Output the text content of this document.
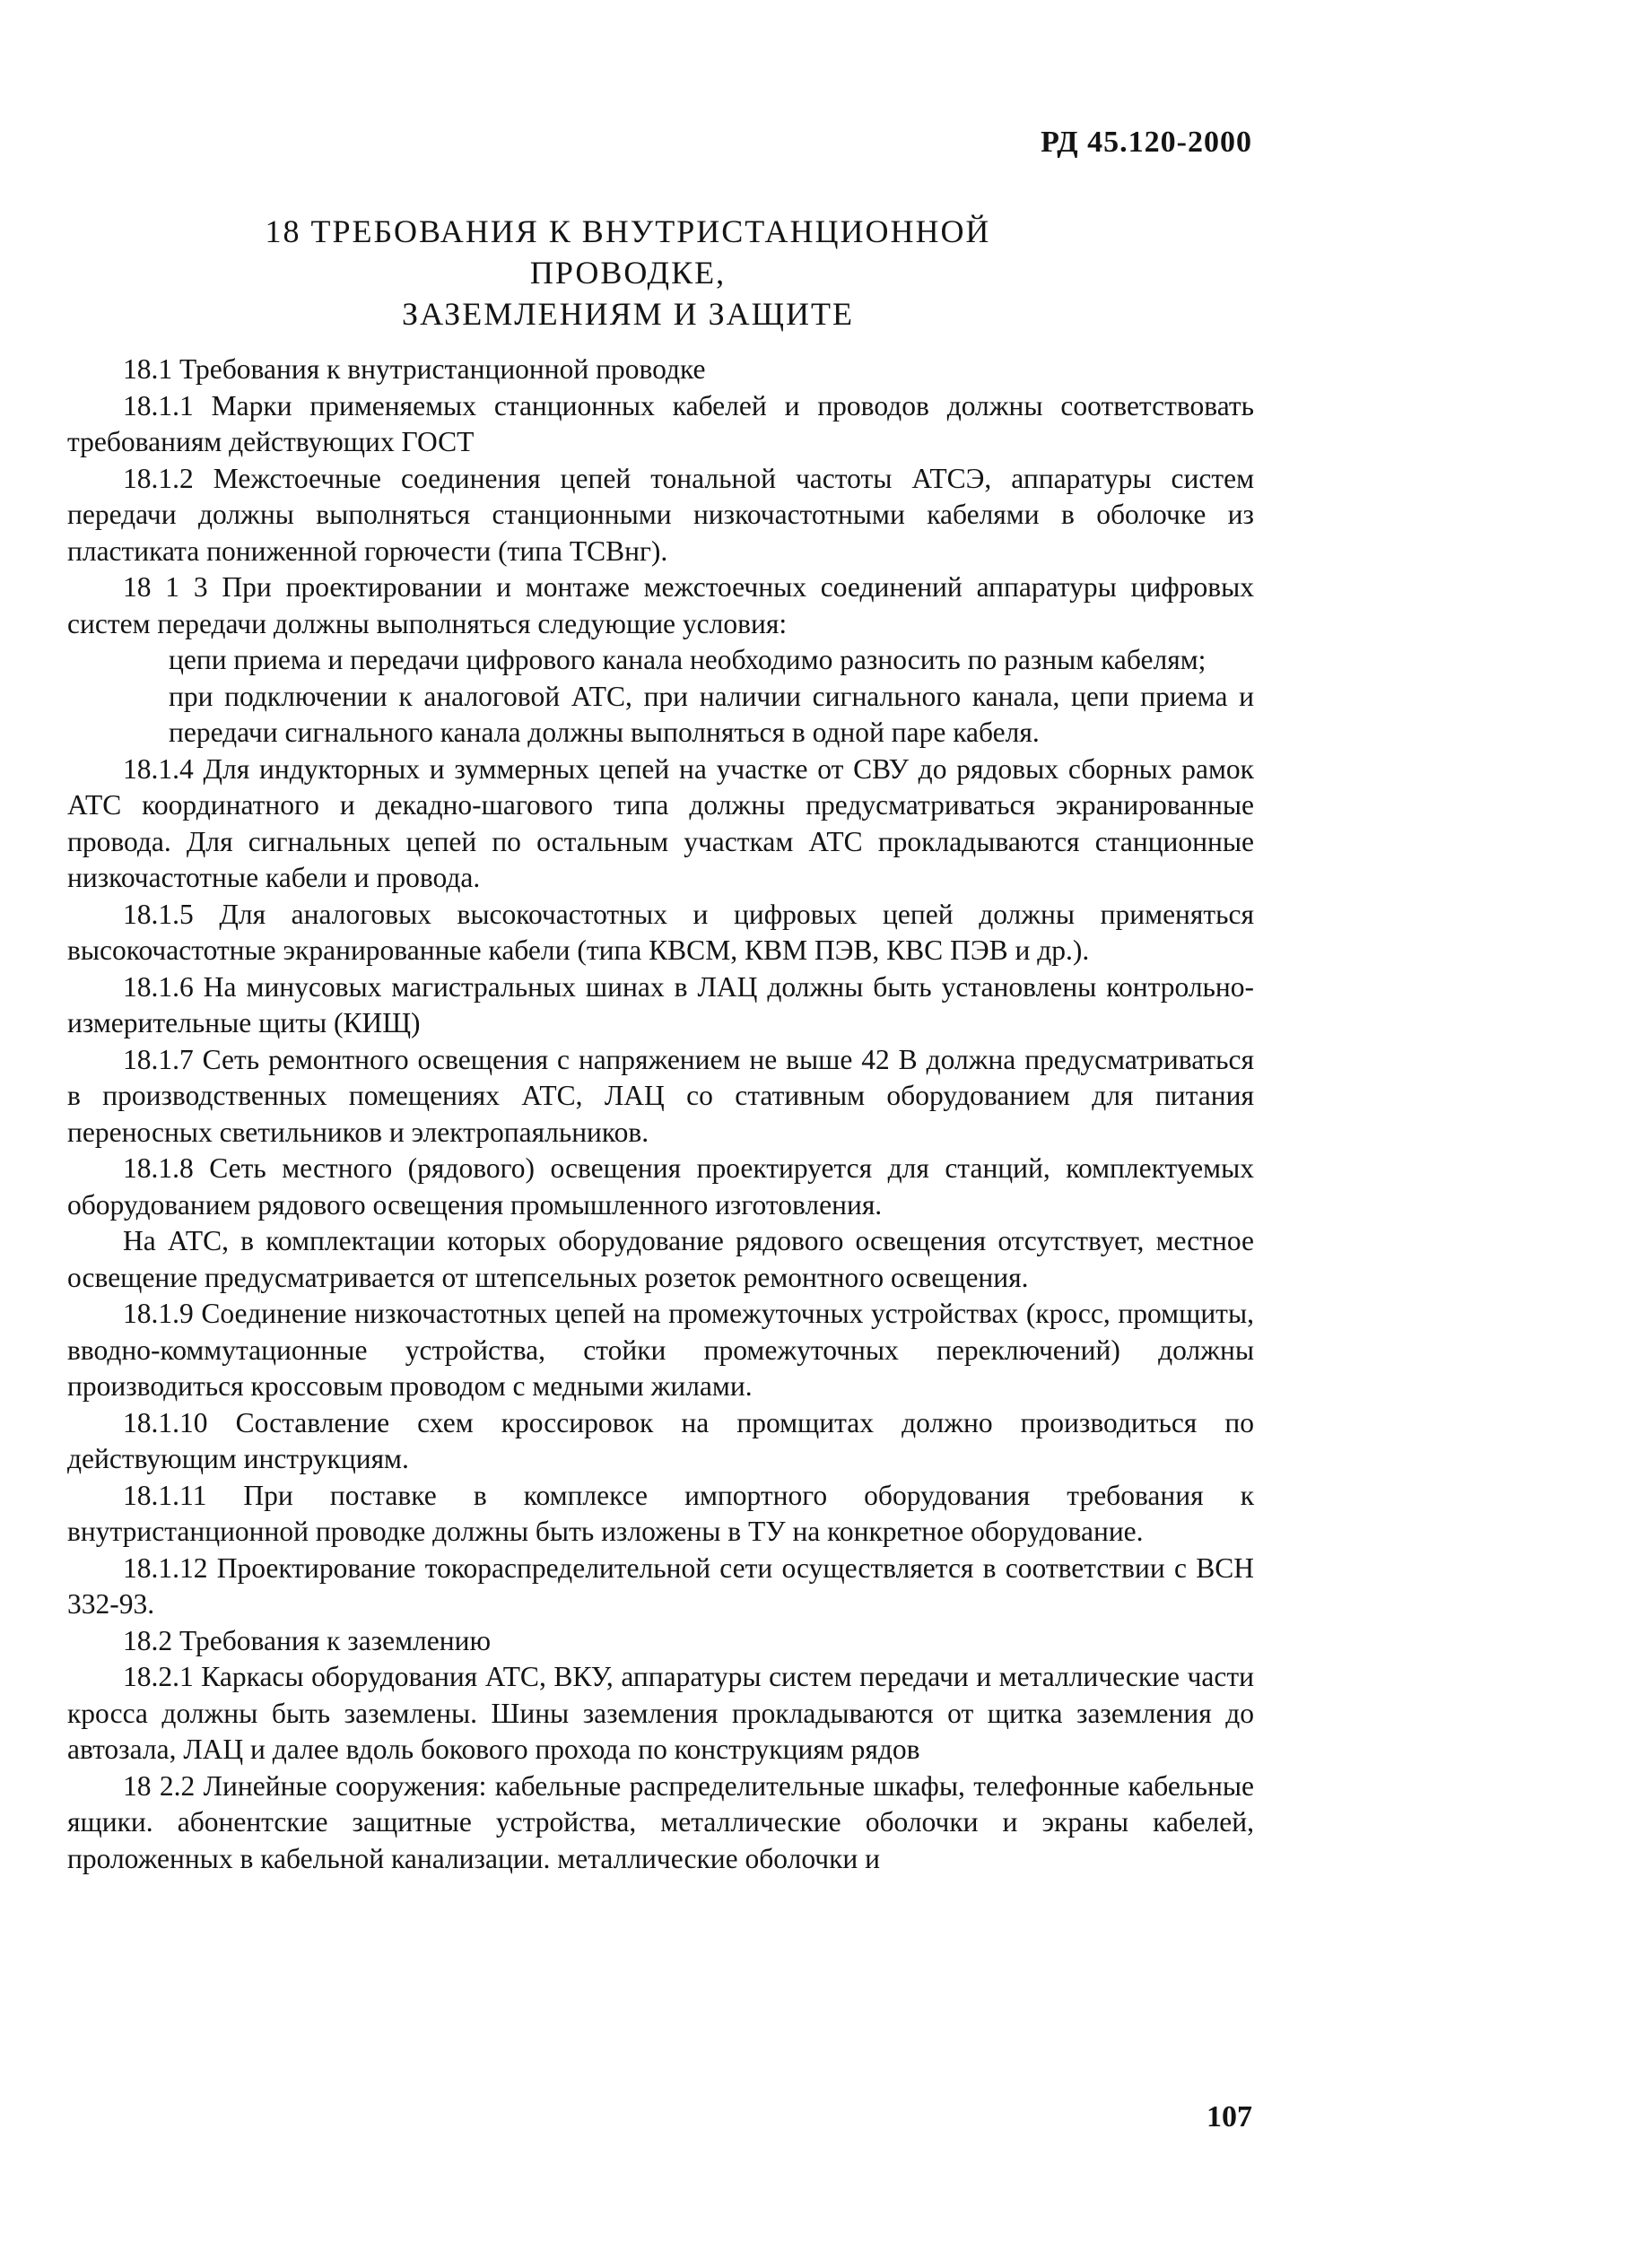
РД 45.120-2000
18 ТРЕБОВАНИЯ К ВНУТРИСТАНЦИОННОЙ ПРОВОДКЕ,
ЗАЗЕМЛЕНИЯМ И ЗАЩИТЕ

18.1 Требования к внутристанционной проводке

18.1.1 Марки применяемых станционных кабелей и проводов должны соответствовать требованиям действующих ГОСТ

18.1.2 Межстоечные соединения цепей тональной частоты АТСЭ, аппаратуры систем передачи должны выполняться станционными низкочастотными кабелями в оболочке из пластиката пониженной горючести (типа ТСВнг).

18 1 3 При проектировании и монтаже межстоечных соединений аппаратуры цифровых систем передачи должны выполняться следующие условия:

цепи приема и передачи цифрового канала необходимо разносить по разным кабелям;

при подключении к аналоговой АТС, при наличии сигнального канала, цепи приема и передачи сигнального канала должны выполняться в одной паре кабеля.

18.1.4 Для индукторных и зуммерных цепей на участке от СВУ до рядовых сборных рамок АТС координатного и декадно-шагового типа должны предусматриваться экранированные провода. Для сигнальных цепей по остальным участкам АТС прокладываются станционные низкочастотные кабели и провода.

18.1.5 Для аналоговых высокочастотных и цифровых цепей должны применяться высокочастотные экранированные кабели (типа КВСМ, КВМ ПЭВ, КВС ПЭВ и др.).

18.1.6 На минусовых магистральных шинах в ЛАЦ должны быть установлены контрольно-измерительные щиты (КИЩ)

18.1.7 Сеть ремонтного освещения с напряжением не выше 42 В должна предусматриваться в производственных помещениях АТС, ЛАЦ со стативным оборудованием для питания переносных светильников и электропаяльников.

18.1.8 Сеть местного (рядового) освещения проектируется для станций, комплектуемых оборудованием рядового освещения промышленного изготовления.

На АТС, в комплектации которых оборудование рядового освещения отсутствует, местное освещение предусматривается от штепсельных розеток ремонтного освещения.

18.1.9 Соединение низкочастотных цепей на промежуточных устройствах (кросс, промщиты, вводно-коммутационные устройства, стойки промежуточных переключений) должны производиться кроссовым проводом с медными жилами.

18.1.10 Составление схем кроссировок на промщитах должно производиться по действующим инструкциям.

18.1.11 При поставке в комплексе импортного оборудования требования к внутристанционной проводке должны быть изложены в ТУ на конкретное оборудование.

18.1.12 Проектирование токораспределительной сети осуществляется в соответствии с ВСН 332-93.

18.2 Требования к заземлению

18.2.1 Каркасы оборудования АТС, ВКУ, аппаратуры систем передачи и металлические части кросса должны быть заземлены. Шины заземления прокладываются от щитка заземления до автозала, ЛАЦ и далее вдоль бокового прохода по конструкциям рядов

18 2.2 Линейные сооружения: кабельные распределительные шкафы, телефонные кабельные ящики. абонентские защитные устройства, металлические оболочки и экраны кабелей, проложенных в кабельной канализации. металлические оболочки и

107
